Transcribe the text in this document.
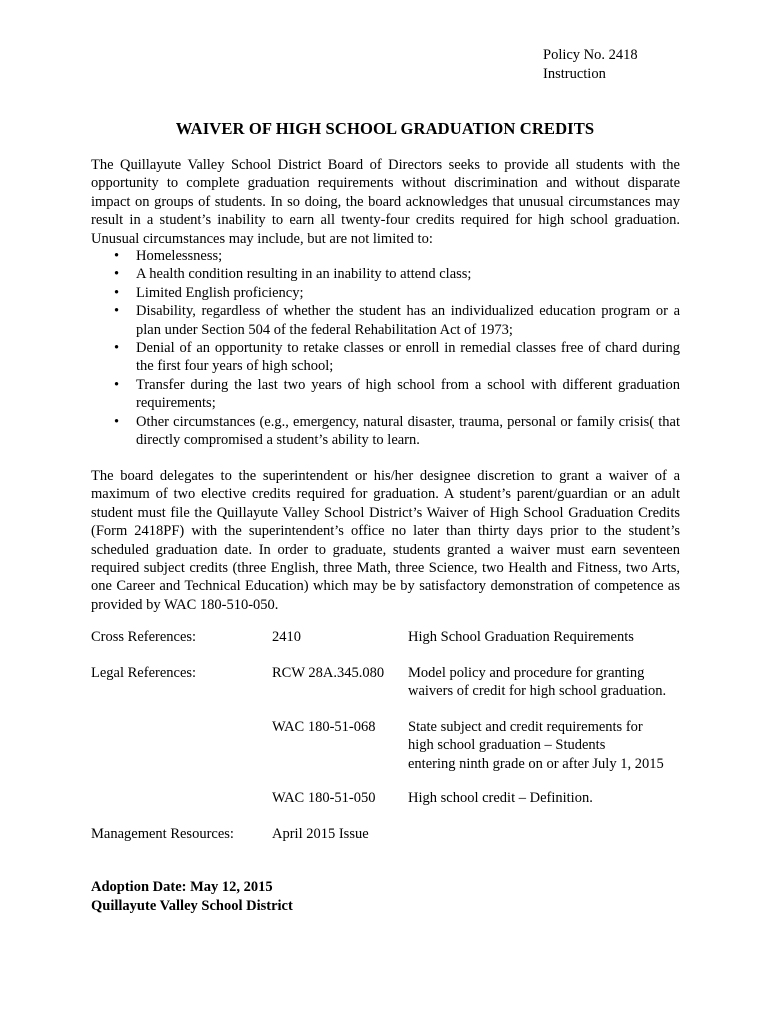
Policy No. 2418
Instruction
WAIVER OF HIGH SCHOOL GRADUATION CREDITS

The Quillayute Valley School District Board of Directors seeks to provide all students with the opportunity to complete graduation requirements without discrimination and without disparate impact on groups of students. In so doing, the board acknowledges that unusual circumstances may result in a student’s inability to earn all twenty-four credits required for high school graduation. Unusual circumstances may include, but are not limited to:

• Homelessness;
• A health condition resulting in an inability to attend class;
• Limited English proficiency;
• Disability, regardless of whether the student has an individualized education program or a plan under Section 504 of the federal Rehabilitation Act of 1973;
• Denial of an opportunity to retake classes or enroll in remedial classes free of chard during the first four years of high school;
• Transfer during the last two years of high school from a school with different graduation requirements;
• Other circumstances (e.g., emergency, natural disaster, trauma, personal or family crisis( that directly compromised a student’s ability to learn.

The board delegates to the superintendent or his/her designee discretion to grant a waiver of a maximum of two elective credits required for graduation. A student’s parent/guardian or an adult student must file the Quillayute Valley School District’s Waiver of High School Graduation Credits (Form 2418PF) with the superintendent’s office no later than thirty days prior to the student’s scheduled graduation date. In order to graduate, students granted a waiver must earn seventeen required subject credits (three English, three Math, three Science, two Health and Fitness, two Arts, one Career and Technical Education) which may be by satisfactory demonstration of competence as provided by WAC 180-510-050.

Cross References:	2410	High School Graduation Requirements
Legal References:	RCW 28A.345.080	Model policy and procedure for granting
waivers of credit for high school graduation.
WAC 180-51-068	State subject and credit requirements for
high school graduation – Students
entering ninth grade on or after July 1, 2015
WAC 180-51-050	High school credit – Definition.
Management Resources:	April 2015 Issue
Adoption Date: May 12, 2015
Quillayute Valley School District
